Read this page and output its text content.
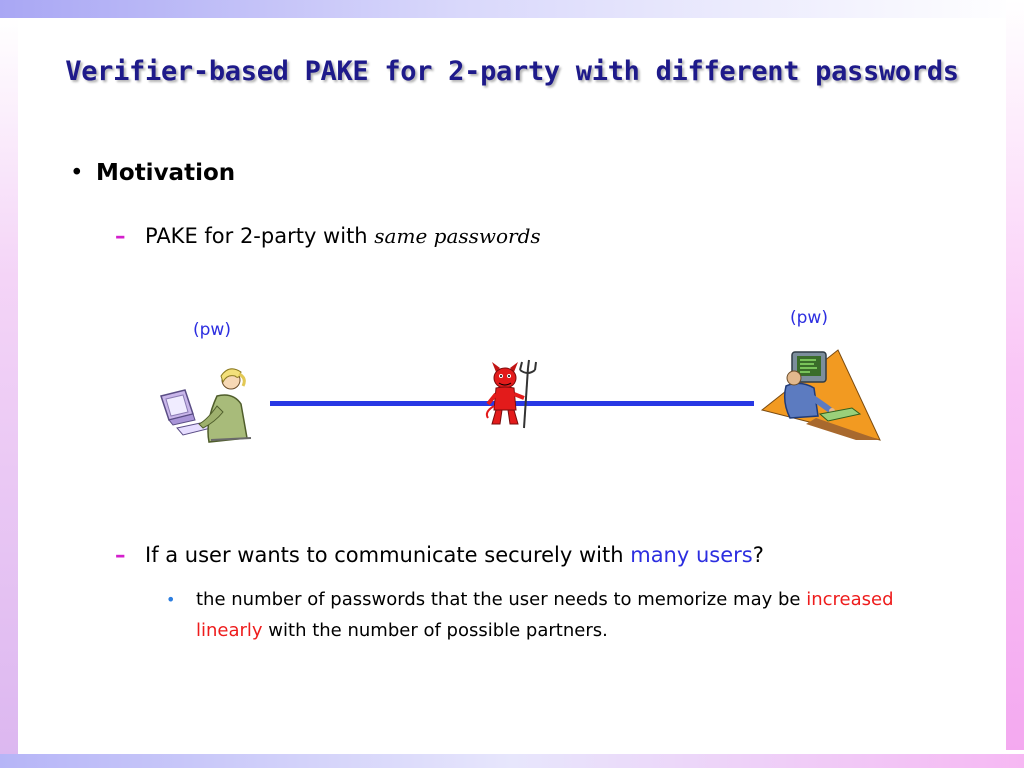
Verifier-based PAKE for 2-party with different passwords
• Motivation
– PAKE for 2-party with same passwords
(pw)
(pw)
– If a user wants to communicate securely with many users?
• the number of passwords that the user needs to memorize may be increased linearly with the number of possible partners.
